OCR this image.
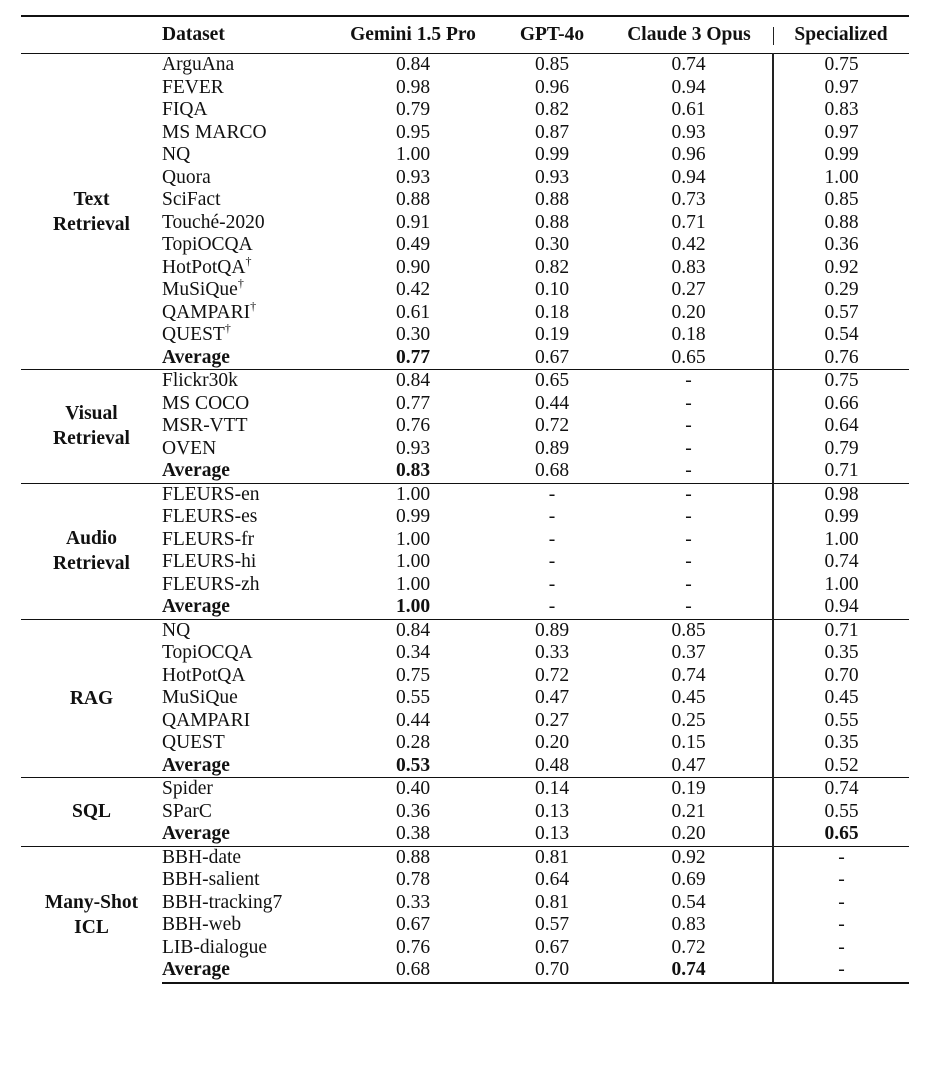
	Dataset	Gemini 1.5 Pro	GPT-4o	Claude 3 Opus	Specialized
Text
Retrieval	ArguAna	0.84	0.85	0.74	0.75
	FEVER	0.98	0.96	0.94	0.97
	FIQA	0.79	0.82	0.61	0.83
	MS MARCO	0.95	0.87	0.93	0.97
	NQ	1.00	0.99	0.96	0.99
	Quora	0.93	0.93	0.94	1.00
	SciFact	0.88	0.88	0.73	0.85
	Touché-2020	0.91	0.88	0.71	0.88
	TopiOCQA	0.49	0.30	0.42	0.36
	HotPotQA†	0.90	0.82	0.83	0.92
	MuSiQue†	0.42	0.10	0.27	0.29
	QAMPARI†	0.61	0.18	0.20	0.57
	QUEST†	0.30	0.19	0.18	0.54
	Average	0.77	0.67	0.65	0.76
Visual
Retrieval	Flickr30k	0.84	0.65	-	0.75
	MS COCO	0.77	0.44	-	0.66
	MSR-VTT	0.76	0.72	-	0.64
	OVEN	0.93	0.89	-	0.79
	Average	0.83	0.68	-	0.71
Audio
Retrieval	FLEURS-en	1.00	-	-	0.98
	FLEURS-es	0.99	-	-	0.99
	FLEURS-fr	1.00	-	-	1.00
	FLEURS-hi	1.00	-	-	0.74
	FLEURS-zh	1.00	-	-	1.00
	Average	1.00	-	-	0.94
RAG	NQ	0.84	0.89	0.85	0.71
	TopiOCQA	0.34	0.33	0.37	0.35
	HotPotQA	0.75	0.72	0.74	0.70
	MuSiQue	0.55	0.47	0.45	0.45
	QAMPARI	0.44	0.27	0.25	0.55
	QUEST	0.28	0.20	0.15	0.35
	Average	0.53	0.48	0.47	0.52
SQL	Spider	0.40	0.14	0.19	0.74
	SParC	0.36	0.13	0.21	0.55
	Average	0.38	0.13	0.20	0.65
Many-Shot
ICL	BBH-date	0.88	0.81	0.92	-
	BBH-salient	0.78	0.64	0.69	-
	BBH-tracking7	0.33	0.81	0.54	-
	BBH-web	0.67	0.57	0.83	-
	LIB-dialogue	0.76	0.67	0.72	-
	Average	0.68	0.70	0.74	-
